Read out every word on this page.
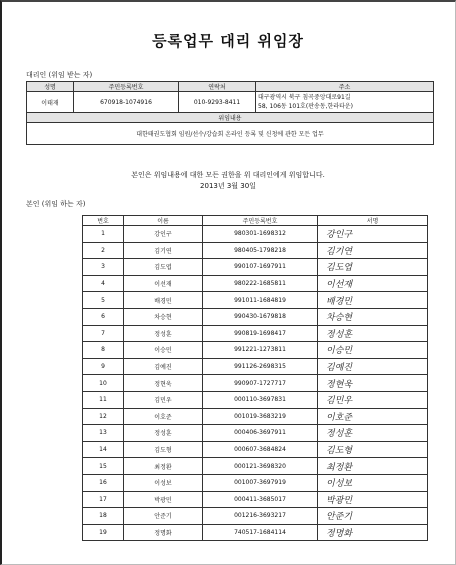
등록업무 대리 위임장
대리인 (위임 받는 자)
성명	주민등록번호	연락처	주소
이태재	670918-1074916	010-9293-8411	대구광역시 북구 침곡중앙대로91길
58, 106동 101호(판송동,한라타운)

위임내용			
대한태권도협회 임원/선수/강습회 온라인 등록 및 신청에 관한 모든 업무			
본인은 위임내용에 대한 모든 권한을 위 대리인에게 위임합니다.
2013년 3월 30일
본인 (위임 하는 자)
번호	이름	주민등록번호	서명
1	강인구	980301-1698312	강인구
2	김기연	980405-1798218	김기연
3	김도엽	990107-1697911	김도엽
4	이선재	980222-1685811	이선재
5	배경민	991011-1684819	배경민
6	차승현	990430-1679818	차승현
7	정성훈	990819-1698417	정성훈
8	이승민	991221-1273811	이승민
9	김예진	991126-2698315	김예진
10	정현욱	990907-1727717	정현욱
11	김민우	000110-3697831	김민우
12	이호준	001019-3683219	이호준
13	정성훈	000406-3697911	정성훈
14	김도형	000607-3684824	김도형
15	최정환	000121-3698320	최정환
16	이성보	001007-3697919	이성보
17	박광민	000411-3685017	박광민
18	안준기	001216-3693217	안준기
19	정명화	740517-1684114	정명화
